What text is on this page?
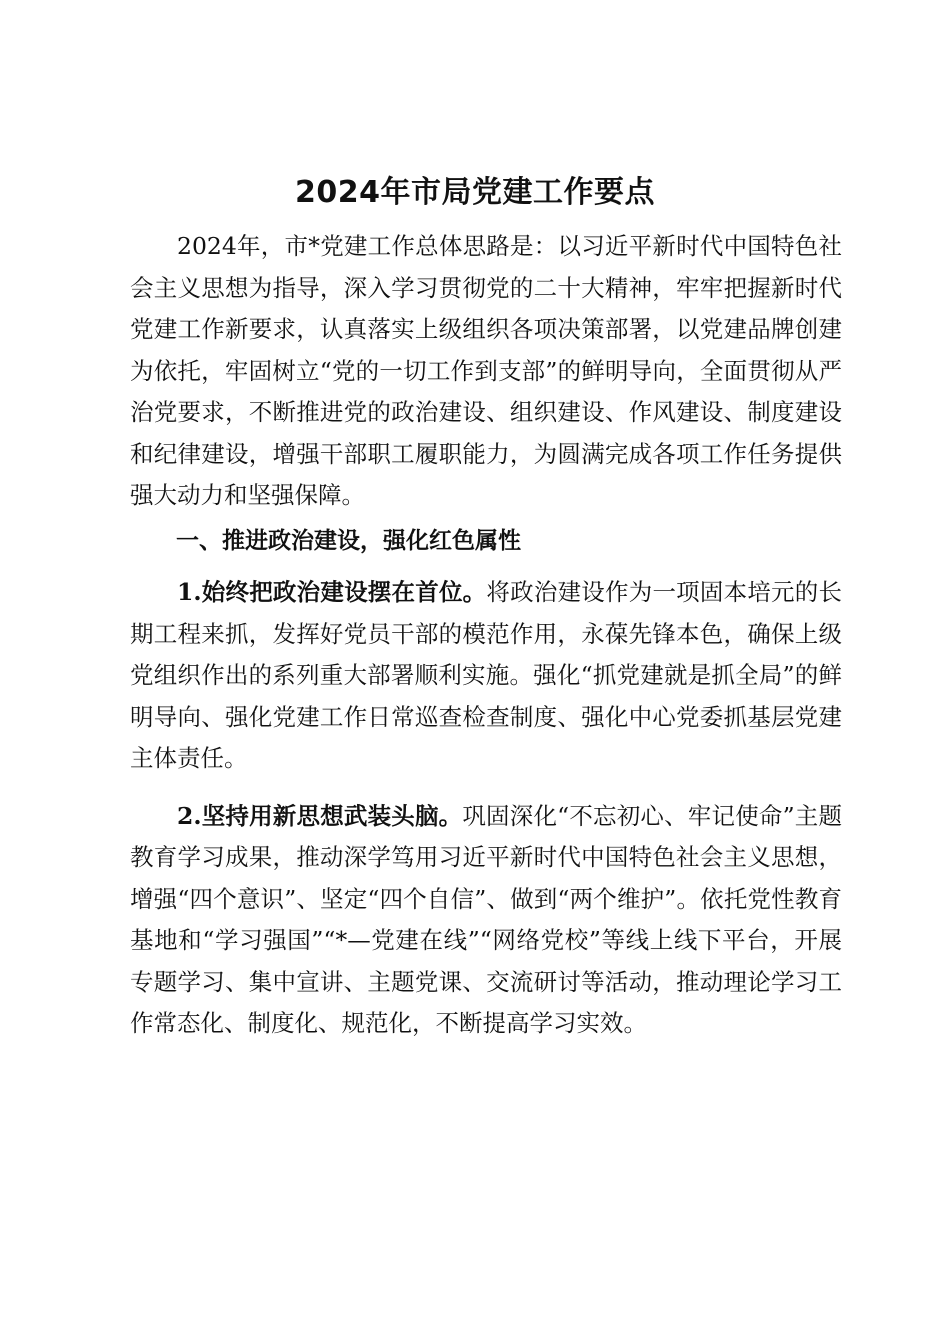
2024年市局党建工作要点

2024年，市*党建工作总体思路是：以习近平新时代中国特色社会主义思想为指导，深入学习贯彻党的二十大精神，牢牢把握新时代党建工作新要求，认真落实上级组织各项决策部署，以党建品牌创建为依托，牢固树立“党的一切工作到支部”的鲜明导向，全面贯彻从严治党要求，不断推进党的政治建设、组织建设、作风建设、制度建设和纪律建设，增强干部职工履职能力，为圆满完成各项工作任务提供强大动力和坚强保障。

一、推进政治建设，强化红色属性

1.始终把政治建设摆在首位。将政治建设作为一项固本培元的长期工程来抓，发挥好党员干部的模范作用，永葆先锋本色，确保上级党组织作出的系列重大部署顺利实施。强化“抓党建就是抓全局”的鲜明导向、强化党建工作日常巡查检查制度、强化中心党委抓基层党建主体责任。

2.坚持用新思想武装头脑。巩固深化“不忘初心、牢记使命”主题教育学习成果，推动深学笃用习近平新时代中国特色社会主义思想，增强“四个意识”、坚定“四个自信”、做到“两个维护”。依托党性教育基地和“学习强国”“*—党建在线”“网络党校”等线上线下平台，开展专题学习、集中宣讲、主题党课、交流研讨等活动，推动理论学习工作常态化、制度化、规范化，不断提高学习实效。
